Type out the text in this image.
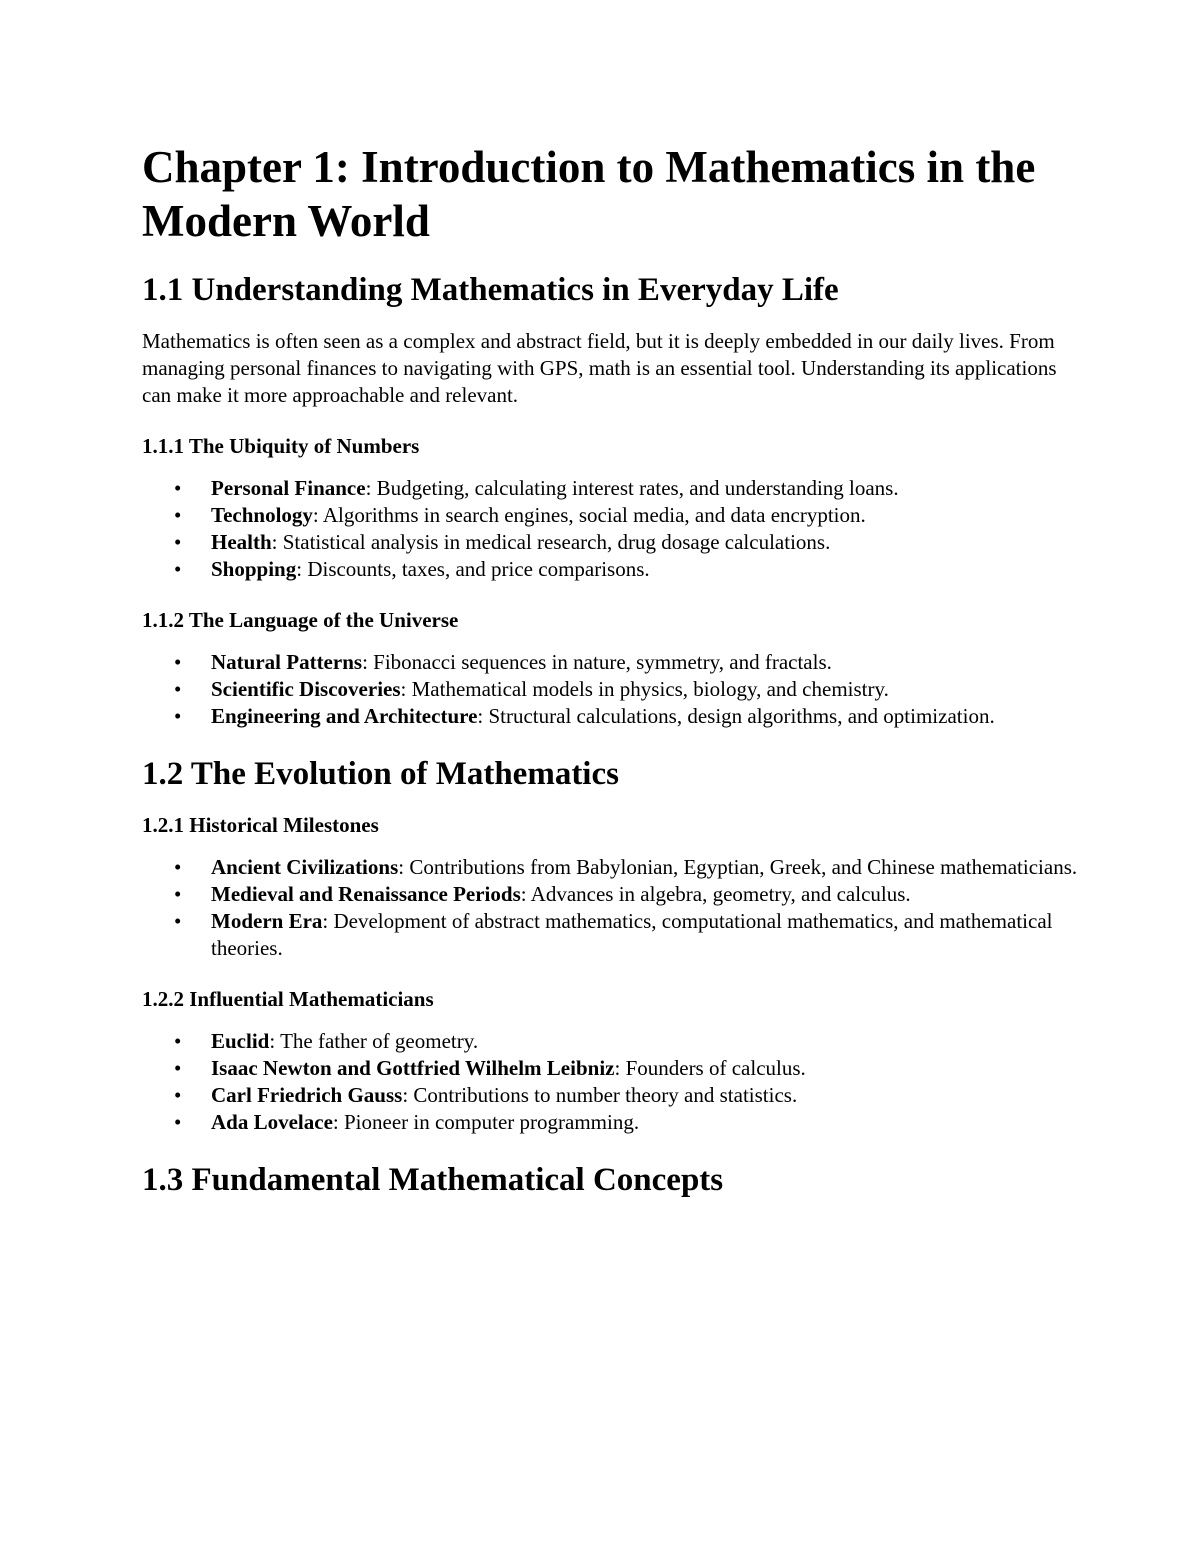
Chapter 1: Introduction to Mathematics in the Modern World
1.1 Understanding Mathematics in Everyday Life

Mathematics is often seen as a complex and abstract field, but it is deeply embedded in our daily lives. From managing personal finances to navigating with GPS, math is an essential tool. Understanding its applications can make it more approachable and relevant.

1.1.1 The Ubiquity of Numbers
• Personal Finance: Budgeting, calculating interest rates, and understanding loans.
• Technology: Algorithms in search engines, social media, and data encryption.
• Health: Statistical analysis in medical research, drug dosage calculations.
• Shopping: Discounts, taxes, and price comparisons.
1.1.2 The Language of the Universe
• Natural Patterns: Fibonacci sequences in nature, symmetry, and fractals.
• Scientific Discoveries: Mathematical models in physics, biology, and chemistry.
• Engineering and Architecture: Structural calculations, design algorithms, and optimization.
1.2 The Evolution of Mathematics
1.2.1 Historical Milestones
• Ancient Civilizations: Contributions from Babylonian, Egyptian, Greek, and Chinese mathematicians.
• Medieval and Renaissance Periods: Advances in algebra, geometry, and calculus.
• Modern Era: Development of abstract mathematics, computational mathematics, and mathematical theories.
1.2.2 Influential Mathematicians
• Euclid: The father of geometry.
• Isaac Newton and Gottfried Wilhelm Leibniz: Founders of calculus.
• Carl Friedrich Gauss: Contributions to number theory and statistics.
• Ada Lovelace: Pioneer in computer programming.
1.3 Fundamental Mathematical Concepts
